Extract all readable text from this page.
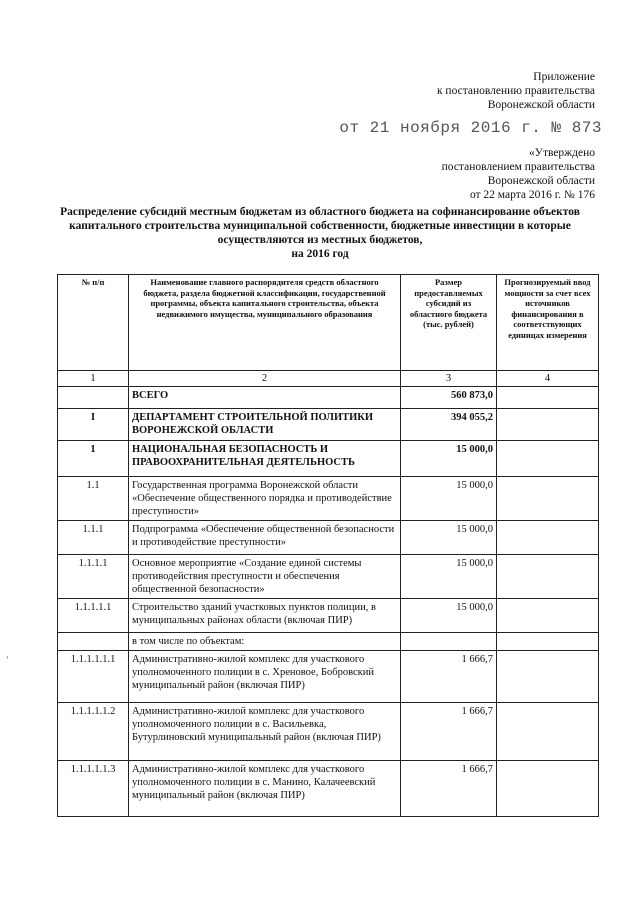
Приложение
к постановлению правительства
Воронежской области
от 21 ноября 2016 г. № 873
«Утверждено
постановлением правительства
Воронежской области
от 22 марта 2016 г. № 176
Распределение субсидий местным бюджетам из областного бюджета на софинансирование объектов
капитального строительства муниципальной собственности, бюджетные инвестиции в которые
осуществляются из местных бюджетов,
на 2016 год
’
№ п/п	Наименование главного распорядителя средств областного бюджета, раздела бюджетной классификации, государственной программы, объекта капитального строительства, объекта недвижимого имущества, муниципального образования	Размер предоставляемых субсидий из областного бюджета (тыс. рублей)	Прогнозируемый ввод мощности за счет всех источников финансирования в соответствующих единицах измерения
1	2	3	4
	ВСЕГО	560 873,0	
I	ДЕПАРТАМЕНТ СТРОИТЕЛЬНОЙ ПОЛИТИКИ ВОРОНЕЖСКОЙ ОБЛАСТИ	394 055,2	
1	НАЦИОНАЛЬНАЯ БЕЗОПАСНОСТЬ И ПРАВООХРАНИТЕЛЬНАЯ ДЕЯТЕЛЬНОСТЬ	15 000,0	
1.1	Государственная программа Воронежской области «Обеспечение общественного порядка и противодействие преступности»	15 000,0	
1.1.1	Подпрограмма «Обеспечение общественной безопасности и противодействие преступности»	15 000,0	
1.1.1.1	Основное мероприятие «Создание единой системы противодействия преступности и обеспечения общественной безопасности»	15 000,0	
1.1.1.1.1	Строительство зданий участковых пунктов полиции, в муниципальных районах области (включая ПИР)	15 000,0	
	в том числе по объектам:		
1.1.1.1.1.1	Административно-жилой комплекс для участкового уполномоченного полиции в с. Хреновое, Бобровский муниципальный район (включая ПИР)	1 666,7	
1.1.1.1.1.2	Административно-жилой комплекс для участкового уполномоченного полиции в с. Васильевка, Бутурлиновский муниципальный район (включая ПИР)	1 666,7	
1.1.1.1.1.3	Административно-жилой комплекс для участкового уполномоченного полиции в с. Манино, Калачеевский муниципальный район (включая ПИР)	1 666,7	
